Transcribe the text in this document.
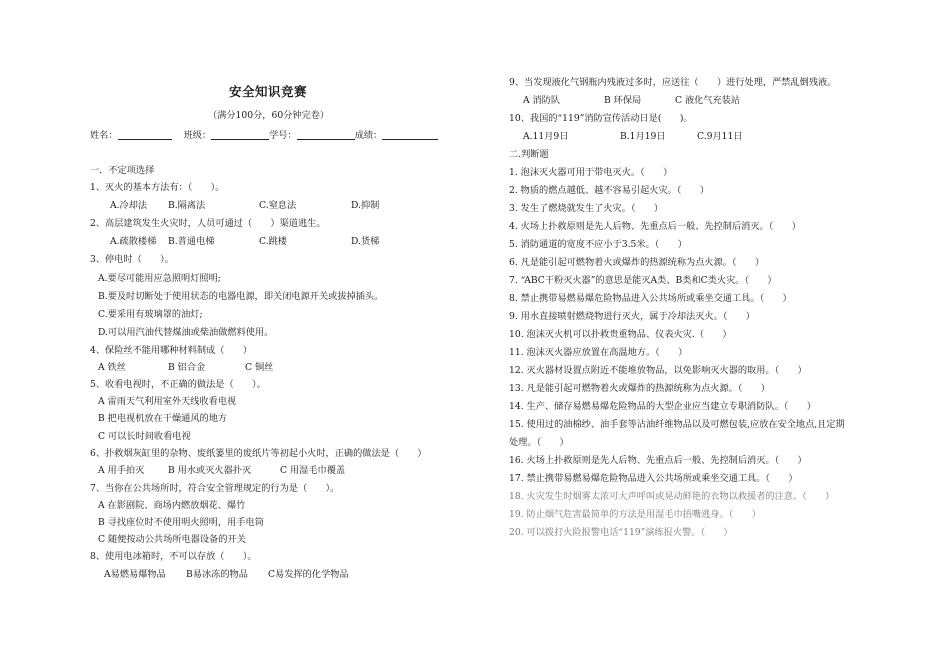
安全知识竞赛
（满分100分，60分钟完卷）
姓名：	班级：	学号：	成绩：
一．不定项选择
1、灭火的基本方法有：（　　）。
A.冷却法 B.隔离法	C.窒息法	D.抑制
2、高层建筑发生火灾时，人员可通过（　　）渠道逃生。
A.疏散楼梯 B.普通电梯	C.跳楼	D.货梯
3、停电时（　　）。
A.要尽可能用应急照明灯照明;
B.要及时切断处于使用状态的电器电源，即关闭电源开关或拔掉插头。
C.要采用有玻璃罩的油灯;
D.可以用汽油代替煤油或柴油做燃料使用。
4、保险丝不能用哪种材料制成（　　）
A 铁丝	B 铝合金	C 铜丝
5、收看电视时，不正确的做法是（　　）。
A 雷雨天气利用室外天线收看电视
B 把电视机放在干燥通风的地方
C 可以长时间收看电视
6、扑救烟灰缸里的杂物、废纸篓里的废纸片等初起小火时，正确的做法是（　　）
A 用手拍灭	B 用水或灭火器扑灭	C 用湿毛巾覆盖
7、当你在公共场所时，符合安全管理规定的行为是（　　）。
A 在影剧院、商场内燃放烟花、爆竹
B 寻找座位时不使用明火照明，用手电筒
C 随便按动公共场所电器设备的开关
8、使用电冰箱时，不可以存放（　　）。
A易燃易爆物品 B易冰冻的物品 C易发挥的化学物品
9、当发现液化气钢瓶内残液过多时，应送往（　　）进行处理，严禁乱倒残液。
A 消防队	B 环保局	C 液化气充装站
10、我国的“119”消防宣传活动日是(　　)。
A.11月9日	B.1月19日	C.9月11日
二.判断题
1. 泡沫灭火器可用于带电灭火。（　　）
2. 物质的燃点越低、越不容易引起火灾。（　　）
3. 发生了燃烧就发生了火灾。（　　）
4. 火场上扑救原则是先人后物、先重点后一般、先控制后消灭。（　　）
5. 消防通道的宽度不应小于3.5米。（　　）
6. 凡是能引起可燃物着火或爆炸的热源统称为点火源。（　　）
7. “ABC干粉灭火器”的意思是能灭A类、B类和C类火灾。（　　）
8. 禁止携带易燃易爆危险物品进入公共场所或乘坐交通工具。（　　）
9. 用水直接喷射燃烧物进行灭火，属于冷却法灭火。（　　）
10. 泡沫灭火机可以扑救贵重物品、仪表火灾.（　　）
11. 泡沫灭火器应放置在高温地方。（　　）
12. 灭火器材设置点附近不能堆放物品，以免影响灭火器的取用。（　　）
13. 凡是能引起可燃物着火或爆炸的热源统称为点火源。（　　）
14. 生产、储存易燃易爆危险物品的大型企业应当建立专职消防队。（　　）
15. 使用过的油棉纱、油手套等沾油纤维物品以及可燃包装,应放在安全地点,且定期
处理。（　　）
16. 火场上扑救原则是先人后物、先重点后一般、先控制后消灭。（　　）
17. 禁止携带易燃易爆危险物品进入公共场所或乘坐交通工具。（　　）
18. 火灾发生时烟雾太浓可大声呼叫或晃动鲜艳的衣物以救援者的注意。（　　）
19. 防止烟气危害最简单的方法是用湿毛巾捂嘴逃身。（　　）
20. 可以拨打火险报警电话“119”演练报火警。（　　）
